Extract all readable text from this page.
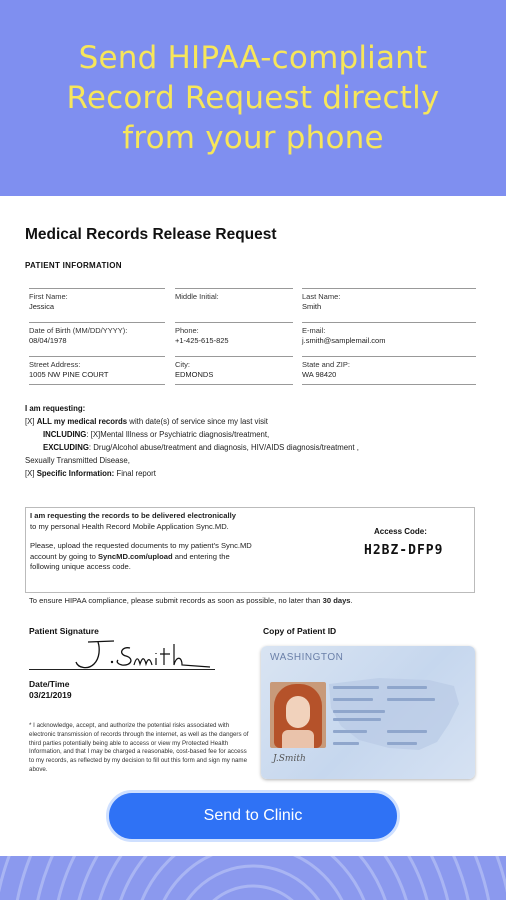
Send HIPAA-compliant
Record Request directly
from your phone
Medical Records Release Request
PATIENT INFORMATION
First Name:
Jessica
Middle Initial:	Last Name:
Smith
Date of Birth (MM/DD/YYYY):
08/04/1978
Phone:
+1-425-615-825
E-mail:
j.smith@samplemail.com
Street Address:
1005 NW PINE COURT
City:
EDMONDS
State and ZIP:
WA 98420
I am requesting:
[X] ALL my medical records with date(s) of service since my last visit
INCLUDING: [X]Mental Illness or Psychiatric diagnosis/treatment,
EXCLUDING: Drug/Alcohol abuse/treatment and diagnosis, HIV/AIDS diagnosis/treatment ,
Sexually Transmitted Disease,
[X] Specific Information: Final report
I am requesting the records to be delivered electronically
to my personal Health Record Mobile Application Sync.MD.
Please, upload the requested documents to my patient's Sync.MD
account by going to SyncMD.com/upload and entering the
following unique access code.
Access Code:
H2BZ-DFP9
To ensure HIPAA compliance, please submit records as soon as possible, no later than 30 days.
Patient Signature
Date/Time
03/21/2019
* I acknowledge, accept, and authorize the potential risks associated with electronic transmission of records through the internet, as well as the dangers of third parties potentially being able to access or view my Protected Health Information, and that I may be charged a reasonable, cost-based fee for access to my records, as reflected by my decision to fill out this form and sign my name above.
Copy of Patient ID
WASHINGTON
J.Smith
Send to Clinic
